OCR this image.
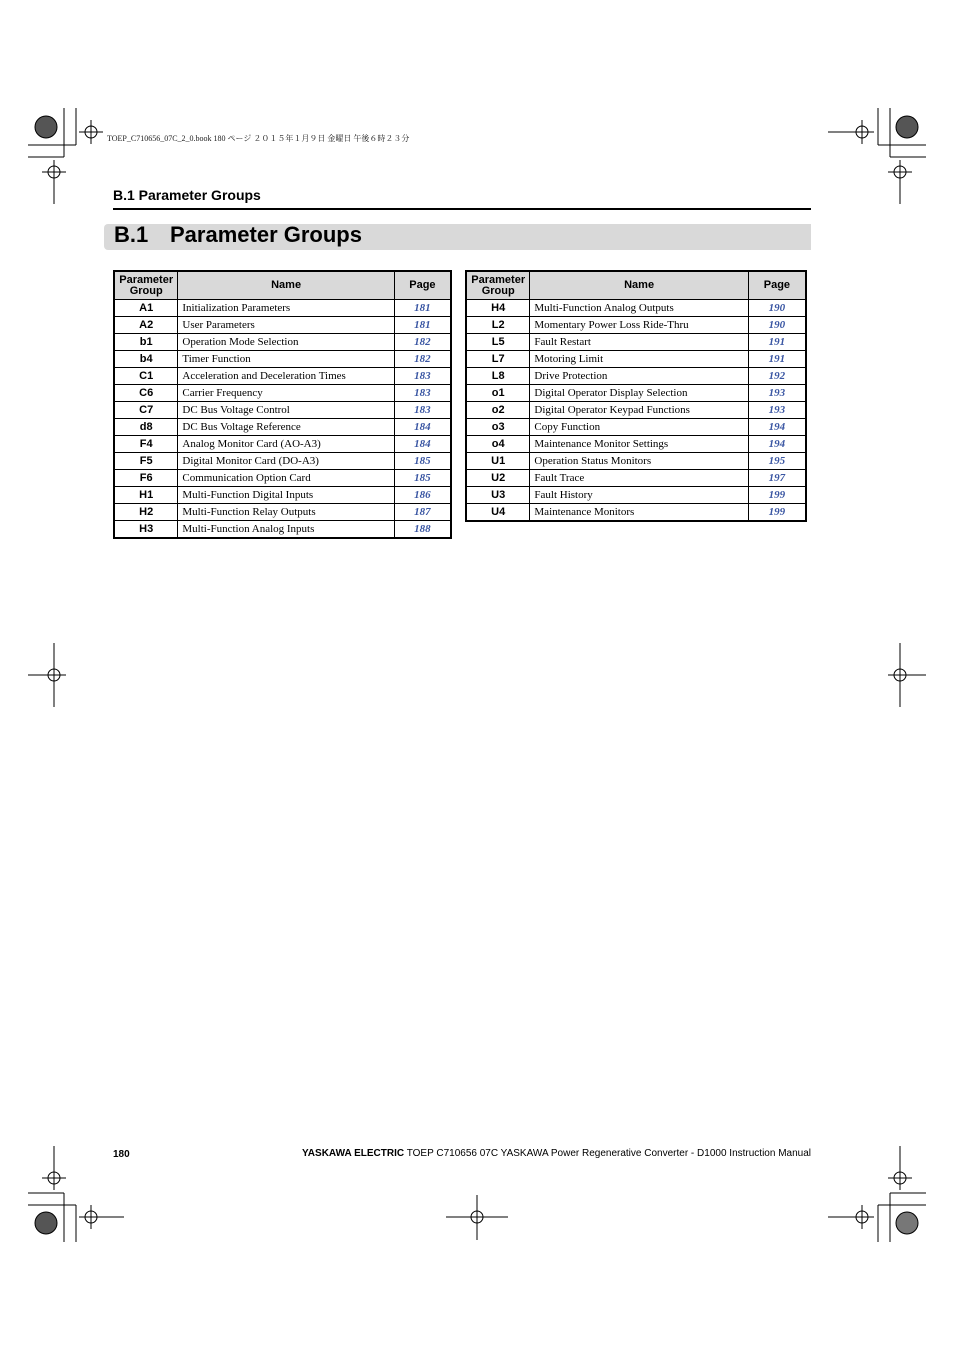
TOEP_C710656_07C_2_0.book 180 ページ ２０１５年１月９日 金曜日 午後６時２３分
B.1 Parameter Groups
B.1 Parameter Groups
Parameter
Group	Name	Page
A1	Initialization Parameters	181
A2	User Parameters	181
b1	Operation Mode Selection	182
b4	Timer Function	182
C1	Acceleration and Deceleration Times	183
C6	Carrier Frequency	183
C7	DC Bus Voltage Control	183
d8	DC Bus Voltage Reference	184
F4	Analog Monitor Card (AO-A3)	184
F5	Digital Monitor Card (DO-A3)	185
F6	Communication Option Card	185
H1	Multi-Function Digital Inputs	186
H2	Multi-Function Relay Outputs	187
H3	Multi-Function Analog Inputs	188
Parameter
Group	Name	Page
H4	Multi-Function Analog Outputs	190
L2	Momentary Power Loss Ride-Thru	190
L5	Fault Restart	191
L7	Motoring Limit	191
L8	Drive Protection	192
o1	Digital Operator Display Selection	193
o2	Digital Operator Keypad Functions	193
o3	Copy Function	194
o4	Maintenance Monitor Settings	194
U1	Operation Status Monitors	195
U2	Fault Trace	197
U3	Fault History	199
U4	Maintenance Monitors	199
180	YASKAWA ELECTRIC TOEP C710656 07C YASKAWA Power Regenerative Converter - D1000 Instruction Manual
